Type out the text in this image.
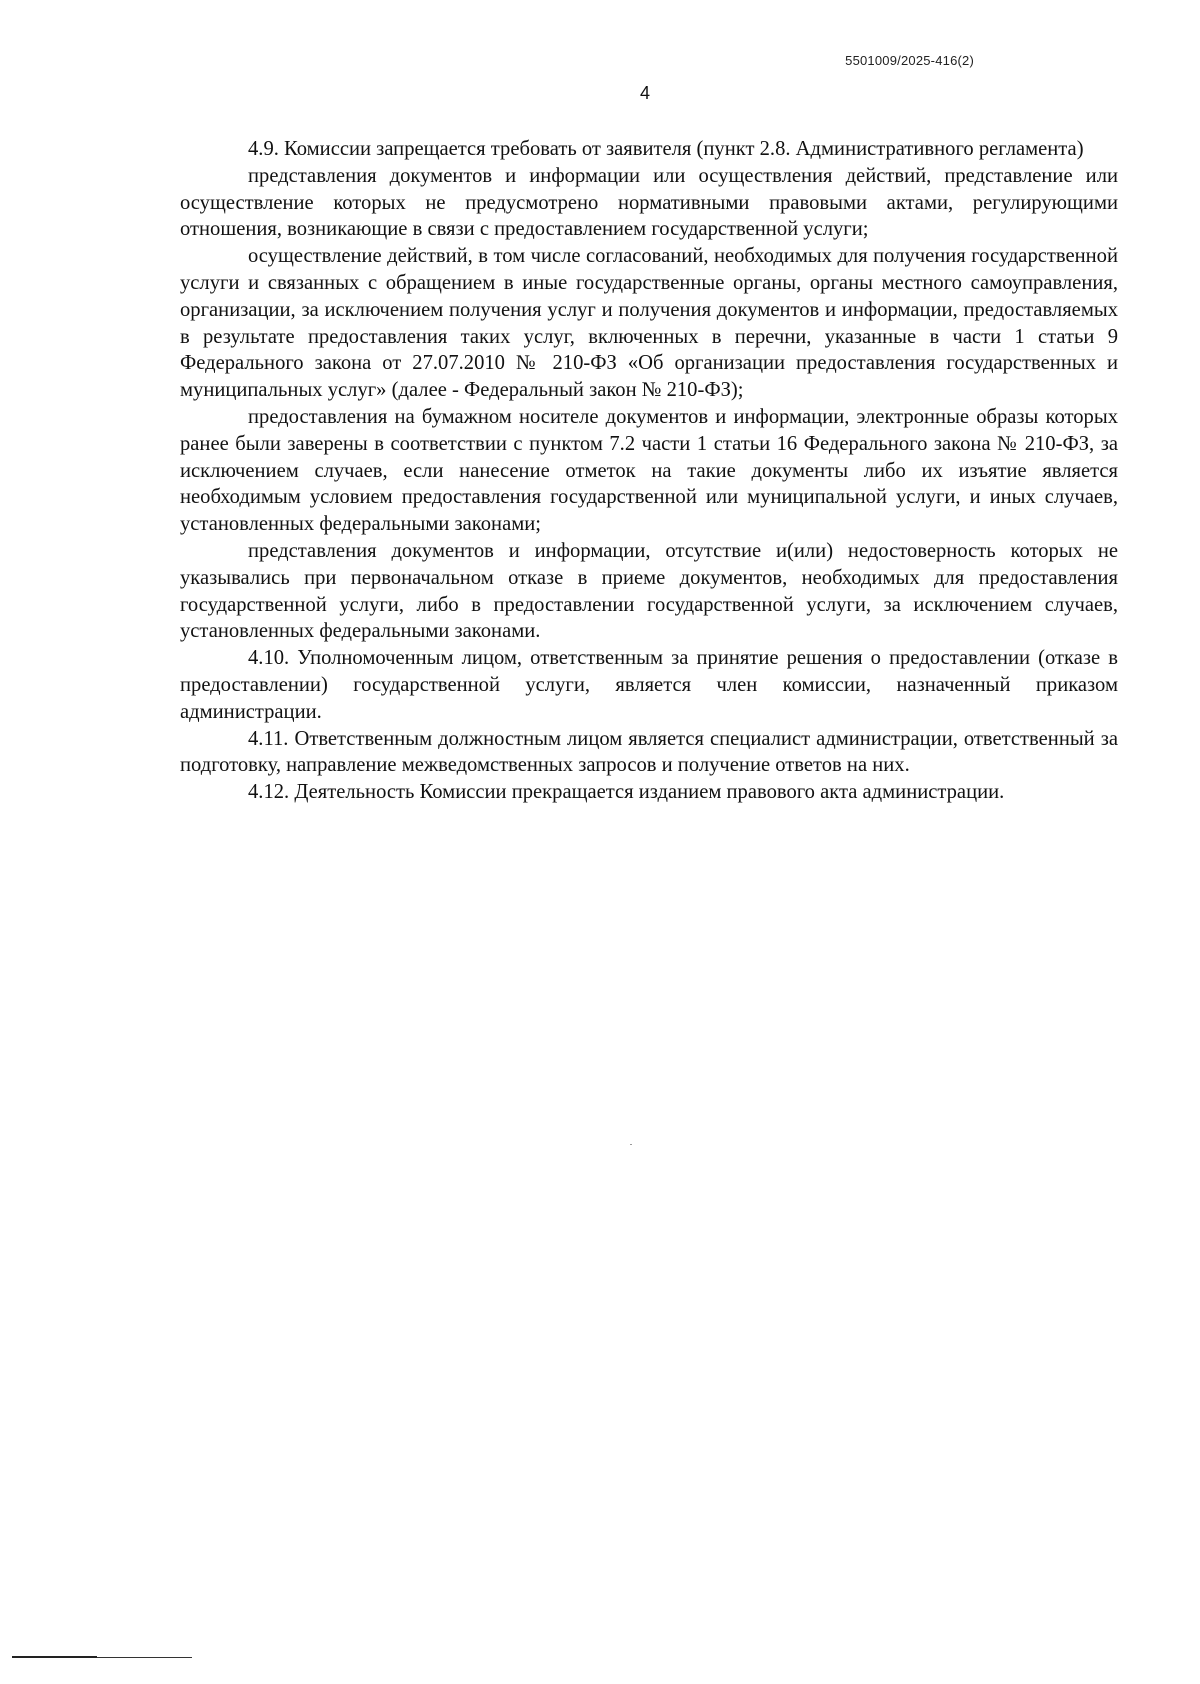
5501009/2025-416(2)
4

4.9. Комиссии запрещается требовать от заявителя (пункт 2.8. Административного регламента)

представления документов и информации или осуществления действий, представление или осуществление которых не предусмотрено нормативными правовыми актами, регулирующими отношения, возникающие в связи с предоставлением государственной услуги;

осуществление действий, в том числе согласований, необходимых для получения государственной услуги и связанных с обращением в иные государственные органы, органы местного самоуправления, организации, за исключением получения услуг и получения документов и информации, предоставляемых в результате предоставления таких услуг, включенных в перечни, указанные в части 1 статьи 9 Федерального закона от 27.07.2010 № 210-ФЗ «Об организации предоставления государственных и муниципальных услуг» (далее - Федеральный закон № 210-ФЗ);

предоставления на бумажном носителе документов и информации, электронные образы которых ранее были заверены в соответствии с пунктом 7.2 части 1 статьи 16 Федерального закона № 210-ФЗ, за исключением случаев, если нанесение отметок на такие документы либо их изъятие является необходимым условием предоставления государственной или муниципальной услуги, и иных случаев, установленных федеральными законами;

представления документов и информации, отсутствие и(или) недостоверность которых не указывались при первоначальном отказе в приеме документов, необходимых для предоставления государственной услуги, либо в предоставлении государственной услуги, за исключением случаев, установленных федеральными законами.

4.10. Уполномоченным лицом, ответственным за принятие решения о предоставлении (отказе в предоставлении) государственной услуги, является член комиссии, назначенный приказом администрации.

4.11. Ответственным должностным лицом является специалист администрации, ответственный за подготовку, направление межведомственных запросов и получение ответов на них.

4.12. Деятельность Комиссии прекращается изданием правового акта администрации.
